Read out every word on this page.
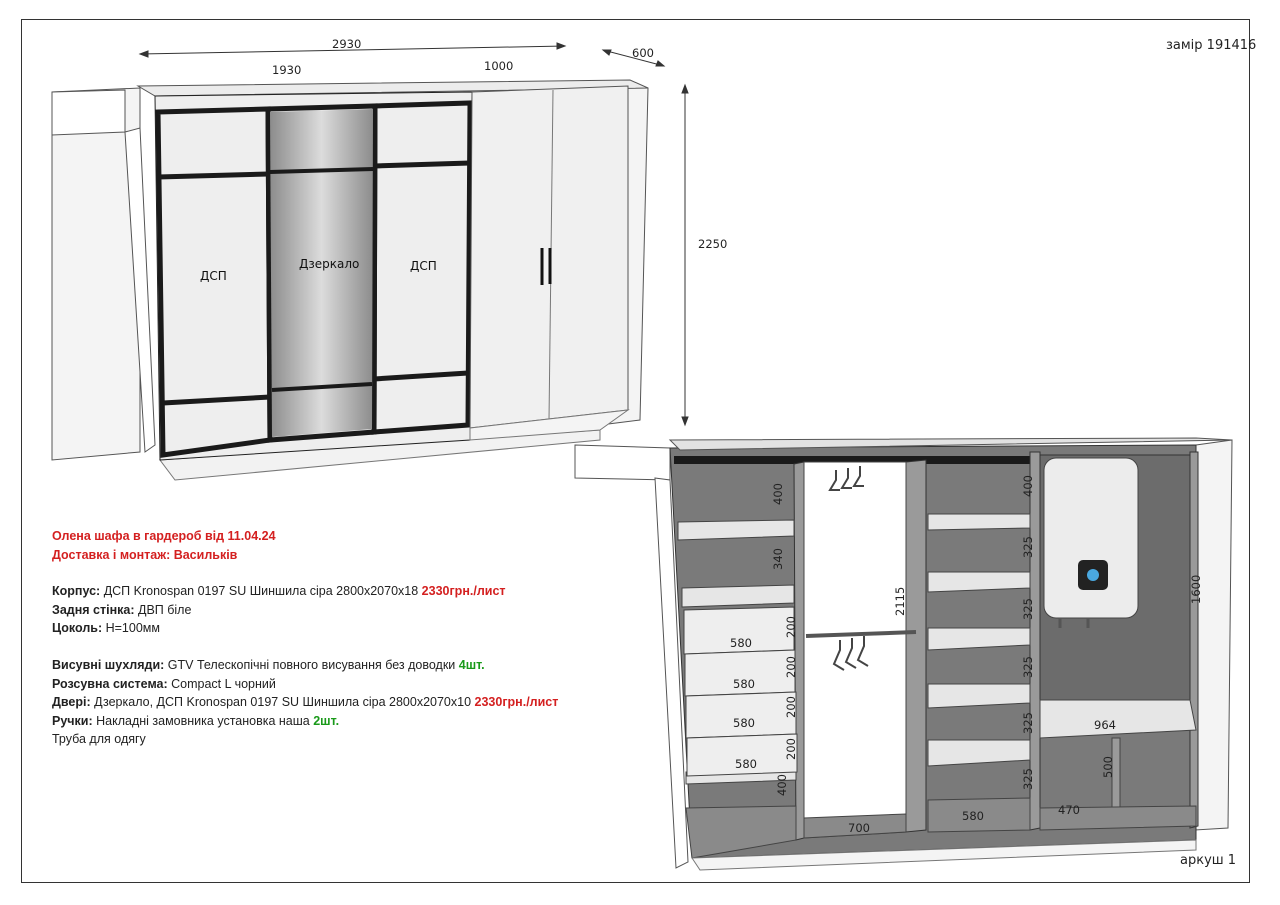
замір 191416
аркуш 1
2930
1930	1000
600
2250
ДСП
Дзеркало	ДСП
400
340
200
200
200
200
580
580
580
580
400
2115
700
400
325
325
325
325
325
580
1600
964
500
470
Олена шафа в гардероб від 11.04.24
Доставка і монтаж: Васильків
Корпус: ДСП Kronospan 0197 SU Шиншила сіра 2800х2070х18 2330грн./лист
Задня стінка: ДВП біле
Цоколь: Н=100мм
Висувні шухляди: GTV Телескопічні повного висування без доводки 4шт.
Розсувна система: Compact L чорний
Двері: Дзеркало, ДСП Kronospan 0197 SU Шиншила сіра 2800х2070х10 2330грн./лист
Ручки: Накладні замовника установка наша 2шт.
Труба для одягу
